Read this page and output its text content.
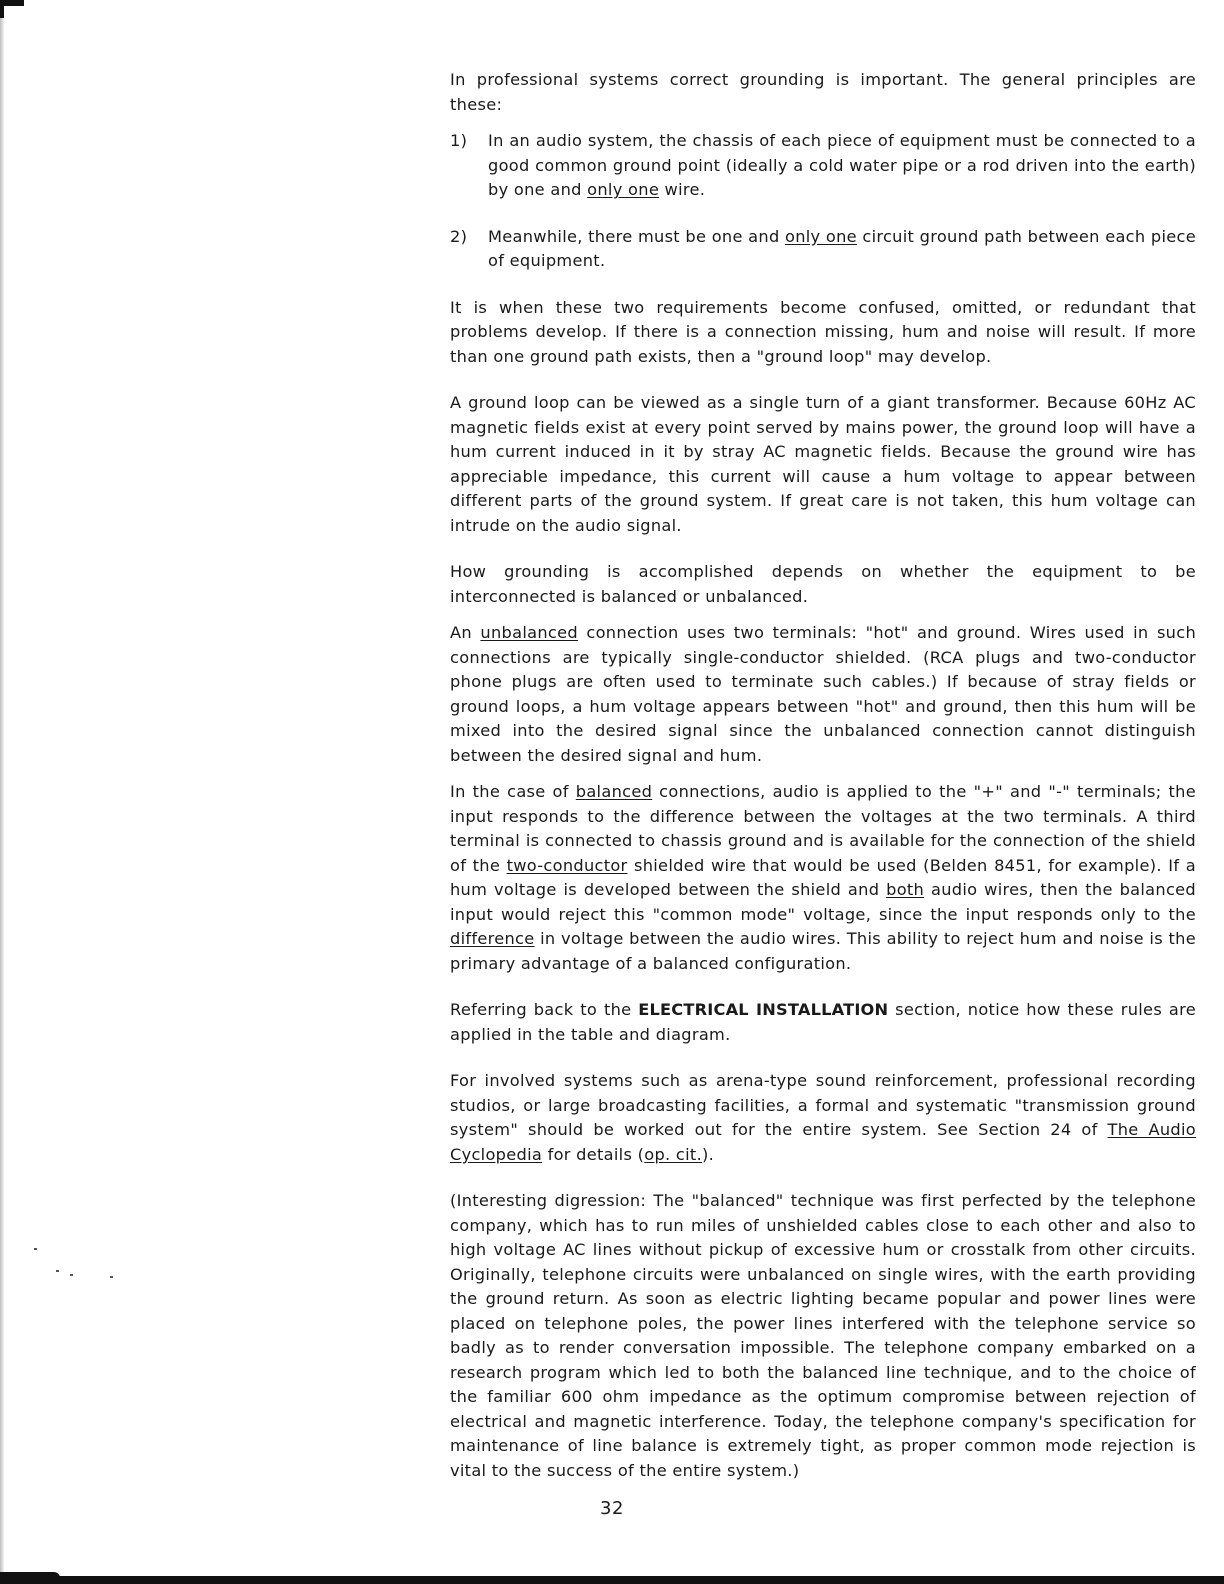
In professional systems correct grounding is important. The general principles are these:

1)	In an audio system, the chassis of each piece of equipment must be connected to a good common ground point (ideally a cold water pipe or a rod driven into the earth) by one and only one wire.
2)	Meanwhile, there must be one and only one circuit ground path between each piece of equipment.

It is when these two requirements become confused, omitted, or redundant that problems develop. If there is a connection missing, hum and noise will result. If more than one ground path exists, then a "ground loop" may develop.

A ground loop can be viewed as a single turn of a giant transformer. Because 60Hz AC magnetic fields exist at every point served by mains power, the ground loop will have a hum current induced in it by stray AC magnetic fields. Because the ground wire has appreciable impedance, this current will cause a hum voltage to appear between different parts of the ground system. If great care is not taken, this hum voltage can intrude on the audio signal.

How grounding is accomplished depends on whether the equipment to be interconnected is balanced or unbalanced.

An unbalanced connection uses two terminals: "hot" and ground. Wires used in such connections are typically single-conductor shielded. (RCA plugs and two-conductor phone plugs are often used to terminate such cables.) If because of stray fields or ground loops, a hum voltage appears between "hot" and ground, then this hum will be mixed into the desired signal since the unbalanced connection cannot distinguish between the desired signal and hum.

In the case of balanced connections, audio is applied to the "+" and "-" terminals; the input responds to the difference between the voltages at the two terminals. A third terminal is connected to chassis ground and is available for the connection of the shield of the two-conductor shielded wire that would be used (Belden 8451, for example). If a hum voltage is developed between the shield and both audio wires, then the balanced input would reject this "common mode" voltage, since the input responds only to the difference in voltage between the audio wires. This ability to reject hum and noise is the primary advantage of a balanced configuration.

Referring back to the ELECTRICAL INSTALLATION section, notice how these rules are applied in the table and diagram.

For involved systems such as arena-type sound reinforcement, professional recording studios, or large broadcasting facilities, a formal and systematic "transmission ground system" should be worked out for the entire system. See Section 24 of The Audio Cyclopedia for details (op. cit.).

(Interesting digression: The "balanced" technique was first perfected by the telephone company, which has to run miles of unshielded cables close to each other and also to high voltage AC lines without pickup of excessive hum or crosstalk from other circuits. Originally, telephone circuits were unbalanced on single wires, with the earth providing the ground return. As soon as electric lighting became popular and power lines were placed on telephone poles, the power lines interfered with the telephone service so badly as to render conversation impossible. The telephone company embarked on a research program which led to both the balanced line technique, and to the choice of the familiar 600 ohm impedance as the optimum compromise between rejection of electrical and magnetic interference. Today, the telephone company's specification for maintenance of line balance is extremely tight, as proper common mode rejection is vital to the success of the entire system.)

32
